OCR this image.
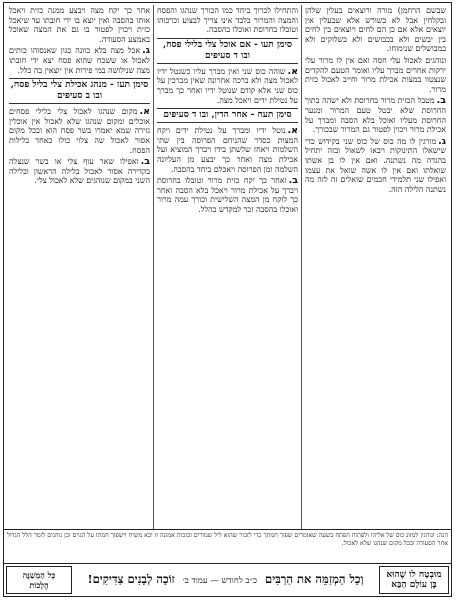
שבשם הרחמן) מורה ורוצאים בעלין שלהן ובקלחין אבל לא בשורש אלא שבעלין אין יוצאים אלא אם כן הם לחים ויוצאים בין לחים בין יבשים ולא בכבושים ולא בשלוקים ולא במבושלים שנימוחו.

ונוהגים לאכול עלי חסה ואם אין לו מרור עלי ירקות אחרים מברך עליו ואומר הטעם להקדים שנצטוו במצות אכילת מרור וחייב לאכול כזית מרור.

ב.מטבל הכזית מרור בחרוסת ולא ישהה בתוך החרוסת שלא יבטל טעם המרור ומנער החרוסת מעליו ואוכל בלא הסבה ומברך על אכילת מרור ויכוין לפטור גם המרור שבכורך.

ג.מורגין לו מה כוס של כוס שני בקידוש כדי שישאלו התינוקות ויבאו לשאול ובזה יתחיל בהגדה מה נשתנה. ואם אין לו בן אשתו שואלתו ואם אין לו אשה שואל את עצמו ואפילו שני תלמידי חכמים שואלים זה לזה מה נשתנה הלילה הזה.

והתחילו לכרוך ביחד כמו הכורך שנהגו והפסח והמצה והמרור בלבד אינו צריך לבצוע וכרכוהו וטובלו בחרוסת ואוכלו בהסבה.

סימן תעו - אם אוכל צלי בלילי פסח, ובו ד סעיפים

א.שוהה כוס שני ואין מברך עליו כשנטל ידיו לאכול מצה ולא ברכה אחרונה שאין מברכין על כוס שני אלא קודם שנוטל ידיו ואחר כך מברך על נטילת ידים ויאכל מצה.

סימן תעח - אחר הדין, ובו ד סעיפים

א.נוטל ידיו ומברך על נטילת ידים ויקח המצות כסדר שהניחם הפרוסה בין שתי השלמות ויאחז שלשתן בידו ויברך המוציא ועל אכילת מצה ואחר כך יבצע מן העליונה השלמה ומן הפרוסה ויאכלם ביחד בהסבה.

ב.ואחר כך יקח כזית מרור וטובלו בחרוסת ויברך על אכילת מרור ויאכל בלא הסבה ואחר כך לוקח מן המצה השלישית וכורך עמה מרור ואוכלו בהסבה זכר למקדש כהלל.

אחר כך יקח מצה ויבצע ממנה כזית ויאכל אותו בהסבה ואין יוצא בו ידי חובתו עד שיאכל כזית ויכוין לפטור בו גם את המצה שאוכל באמצע הסעודה.

ג.אכל מצה בלא כוונה כגון שאנסוהו כותים לאכול או ששכח שהוא פסח יצא ידי חובתו מצה שנילושה במי פירות אין יוצאין בה כלל.

סימן תעז - מנהג אכילת צלי בליל פסח, ובו ב סעיפים

א.מקום שנהגו לאכול צלי בלילי פסחים אוכלים ומקום שנהגו שלא לאכול אין אוכלין גזירה שמא יאמרו בשר פסח הוא ובכל מקום אסור לאכול שה צלוי כולו כאחד בלילות הפסח.

ב.ואפילו שאר עוף צלי או בשר שנצלה בקדירה אסור לאכול בלילה הראשון ובלילה השני במקום שנוהגים שלא לאכול צלי.

הגה: ונוהגין למזוג כוס של אליהו ולפתוח הפתח בשעה שאומרים שפוך חמתך כדי לזכור שהוא ליל שמורים ובזכות אמונה זו יבא משיח וישפוך חמתו על הגוים וכן נוהגים לומר הלל הגדול אחר הסעודה ובכל מקום שנהגו שלא לאכול.
כָּל הַמְשַׁנֶּה
הֲלָכוֹת	וְכָל הַמְזַמֵּה את הַרַבִּים כ״ב לחודש — עמוד ב׳ זוֹכָה לְבָנִים צַדִּיקִים!	מוּבְטָח לוֹ שֶׁהוּא
בֶּן עוֹלָם הַבָּא
